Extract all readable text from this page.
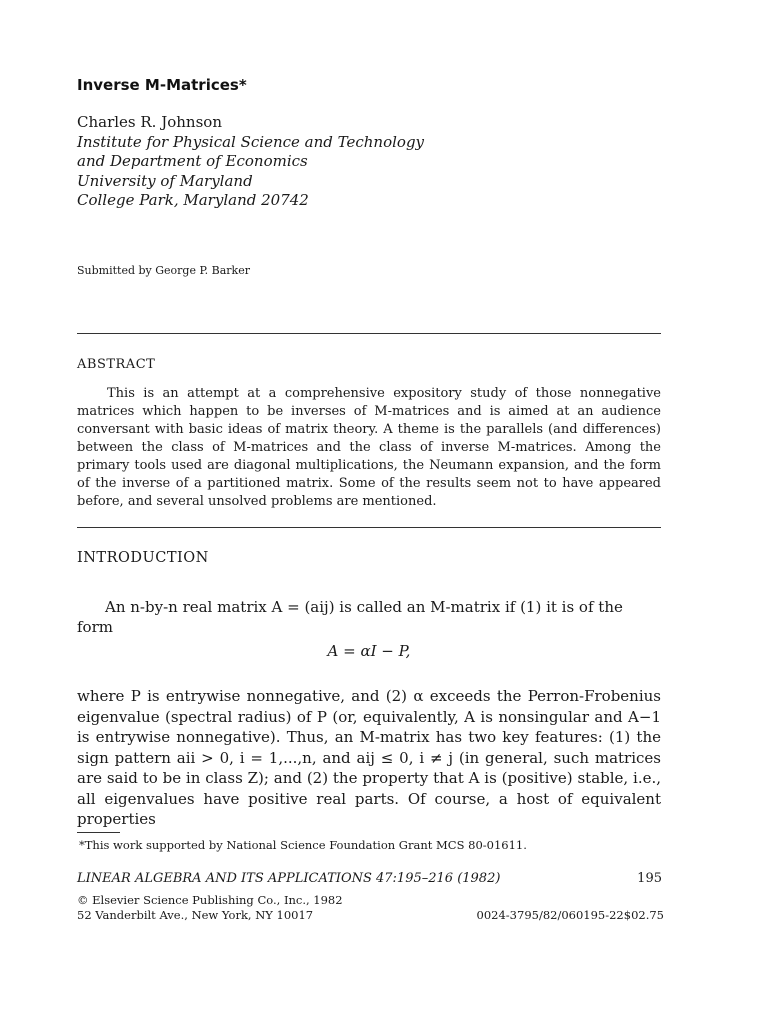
Inverse M-Matrices*
Charles R. Johnson
Institute for Physical Science and Technology
and Department of Economics
University of Maryland
College Park, Maryland 20742
Submitted by George P. Barker
ABSTRACT
This is an attempt at a comprehensive expository study of those nonnegative matrices which happen to be inverses of M-matrices and is aimed at an audience conversant with basic ideas of matrix theory. A theme is the parallels (and differences) between the class of M-matrices and the class of inverse M-matrices. Among the primary tools used are diagonal multiplications, the Neumann expansion, and the form of the inverse of a partitioned matrix. Some of the results seem not to have appeared before, and several unsolved problems are mentioned.
INTRODUCTION
An n-by-n real matrix A = (aij) is called an M-matrix if (1) it is of the form
A = αI − P,
where P is entrywise nonnegative, and (2) α exceeds the Perron-Frobenius eigenvalue (spectral radius) of P (or, equivalently, A is nonsingular and A−1 is entrywise nonnegative). Thus, an M-matrix has two key features: (1) the sign pattern aii > 0, i = 1,...,n, and aij ≤ 0, i ≠ j (in general, such matrices are said to be in class Z); and (2) the property that A is (positive) stable, i.e., all eigenvalues have positive real parts. Of course, a host of equivalent properties
*This work supported by National Science Foundation Grant MCS 80-01611.
LINEAR ALGEBRA AND ITS APPLICATIONS 47:195–216 (1982)	195
© Elsevier Science Publishing Co., Inc., 1982
52 Vanderbilt Ave., New York, NY 10017	0024-3795/82/060195-22$02.75
